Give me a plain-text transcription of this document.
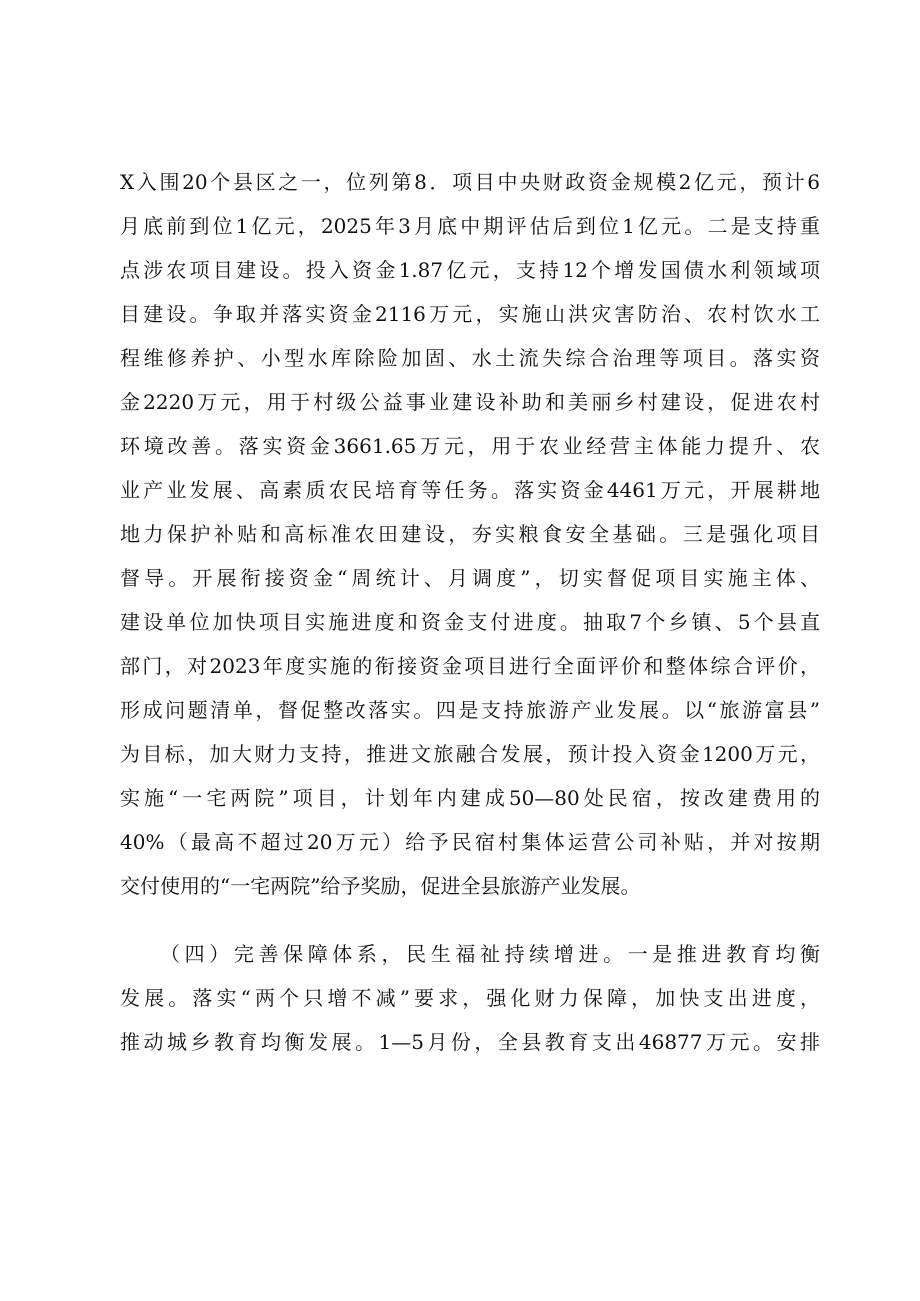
X入围20个县区之一，位列第8．项目中央财政资金规模2亿元，预计6
月底前到位1亿元，2025年3月底中期评估后到位1亿元。二是支持重
点涉农项目建设。投入资金1.87亿元，支持12个增发国债水利领域项
目建设。争取并落实资金2116万元，实施山洪灾害防治、农村饮水工
程维修养护、小型水库除险加固、水土流失综合治理等项目。落实资
金2220万元，用于村级公益事业建设补助和美丽乡村建设，促进农村
环境改善。落实资金3661.65万元，用于农业经营主体能力提升、农
业产业发展、高素质农民培育等任务。落实资金4461万元，开展耕地
地力保护补贴和高标准农田建设，夯实粮食安全基础。三是强化项目
督导。开展衔接资金“周统计、月调度”，切实督促项目实施主体、
建设单位加快项目实施进度和资金支付进度。抽取7个乡镇、5个县直
部门，对2023年度实施的衔接资金项目进行全面评价和整体综合评价，
形成问题清单，督促整改落实。四是支持旅游产业发展。以“旅游富县”
为目标，加大财力支持，推进文旅融合发展，预计投入资金1200万元，
实施“一宅两院”项目，计划年内建成50—80处民宿，按改建费用的
40%（最高不超过20万元）给予民宿村集体运营公司补贴，并对按期
交付使用的“一宅两院”给予奖励，促进全县旅游产业发展。
（四）完善保障体系，民生福祉持续增进。一是推进教育均衡
发展。落实“两个只增不减”要求，强化财力保障，加快支出进度，
推动城乡教育均衡发展。1—5月份，全县教育支出46877万元。安排
